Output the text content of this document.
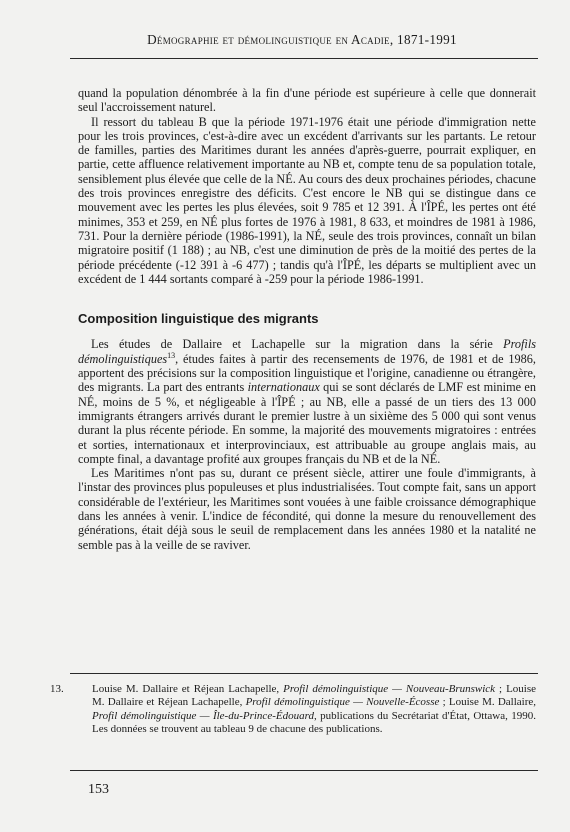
Démographie et démolinguistique en Acadie, 1871-1991

quand la population dénombrée à la fin d'une période est supérieure à celle que donnerait seul l'accroissement naturel.

Il ressort du tableau B que la période 1971-1976 était une période d'immigration nette pour les trois provinces, c'est-à-dire avec un excédent d'arrivants sur les partants. Le retour de familles, parties des Maritimes durant les années d'après-guerre, pourrait expliquer, en partie, cette affluence relativement importante au NB et, compte tenu de sa population totale, sensiblement plus élevée que celle de la NÉ. Au cours des deux prochaines périodes, chacune des trois provinces enregistre des déficits. C'est encore le NB qui se distingue dans ce mouvement avec les pertes les plus élevées, soit 9 785 et 12 391. À l'ÎPÉ, les pertes ont été minimes, 353 et 259, en NÉ plus fortes de 1976 à 1981, 8 633, et moindres de 1981 à 1986, 731. Pour la dernière période (1986-1991), la NÉ, seule des trois provinces, connaît un bilan migratoire positif (1 188) ; au NB, c'est une diminution de près de la moitié des pertes de la période précédente (-12 391 à -6 477) ; tandis qu'à l'ÎPÉ, les départs se multiplient avec un excédent de 1 444 sortants comparé à -259 pour la période 1986-1991.

Composition linguistique des migrants

Les études de Dallaire et Lachapelle sur la migration dans la série Profils démolinguistiques$^{13}$, études faites à partir des recensements de 1976, de 1981 et de 1986, apportent des précisions sur la composition linguistique et l'origine, canadienne ou étrangère, des migrants. La part des entrants internationaux qui se sont déclarés de LMF est minime en NÉ, moins de 5 %, et négligeable à l'ÎPÉ ; au NB, elle a passé de un tiers des 13 000 immigrants étrangers arrivés durant le premier lustre à un sixième des 5 000 qui sont venus durant la plus récente période. En somme, la majorité des mouvements migratoires : entrées et sorties, internationaux et interprovinciaux, est attribuable au groupe anglais mais, au compte final, a davantage profité aux groupes français du NB et de la NÉ.

Les Maritimes n'ont pas su, durant ce présent siècle, attirer une foule d'immigrants, à l'instar des provinces plus populeuses et plus industrialisées. Tout compte fait, sans un apport considérable de l'extérieur, les Maritimes sont vouées à une faible croissance démographique dans les années à venir. L'indice de fécondité, qui donne la mesure du renouvellement des générations, était déjà sous le seuil de remplacement dans les années 1980 et la natalité ne semble pas à la veille de se raviver.

13.	Louise M. Dallaire et Réjean Lachapelle, Profil démolinguistique — Nouveau-Brunswick ; Louise M. Dallaire et Réjean Lachapelle, Profil démolinguistique — Nouvelle-Écosse ; Louise M. Dallaire, Profil démolinguistique — Île-du-Prince-Édouard, publications du Secrétariat d'État, Ottawa, 1990. Les données se trouvent au tableau 9 de chacune des publications.
153
